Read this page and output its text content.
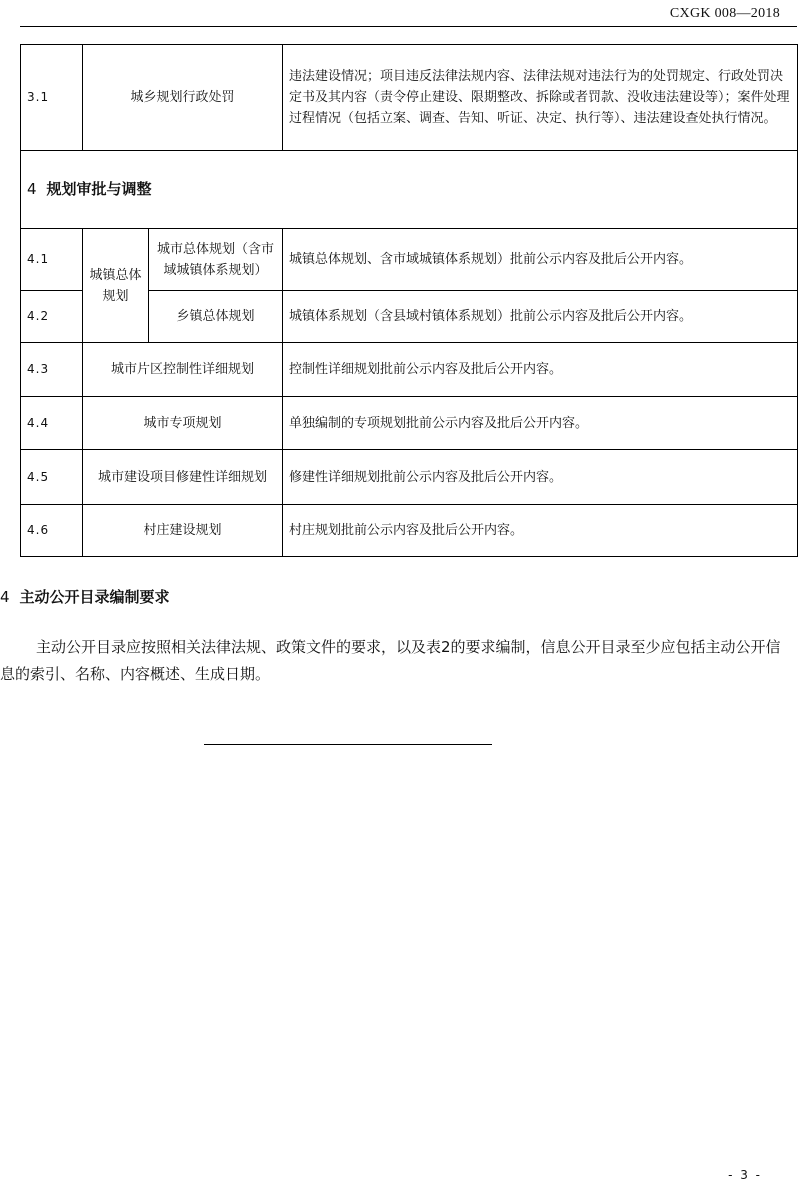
CXGK 008—2018
3.1	城乡规划行政处罚		违法建设情况；项目违反法律法规内容、法律法规对违法行为的处罚规定、行政处罚决定书及其内容（责令停止建设、限期整改、拆除或者罚款、没收违法建设等）；案件处理过程情况（包括立案、调查、告知、听证、决定、执行等）、违法建设查处执行情况。
4 规划审批与调整			
4.1	城镇总体规划	城市总体规划（含市域城镇体系规划）	城镇总体规划、含市域城镇体系规划）批前公示内容及批后公开内容。
4.2		乡镇总体规划	城镇体系规划（含县域村镇体系规划）批前公示内容及批后公开内容。
4.3	城市片区控制性详细规划		控制性详细规划批前公示内容及批后公开内容。
4.4	城市专项规划		单独编制的专项规划批前公示内容及批后公开内容。
4.5	城市建设项目修建性详细规划		修建性详细规划批前公示内容及批后公开内容。
4.6	村庄建设规划		村庄规划批前公示内容及批后公开内容。
4 主动公开目录编制要求
主动公开目录应按照相关法律法规、政策文件的要求，以及表2的要求编制，信息公开目录至少应包括主动公开信息的索引、名称、内容概述、生成日期。
- 3 -
